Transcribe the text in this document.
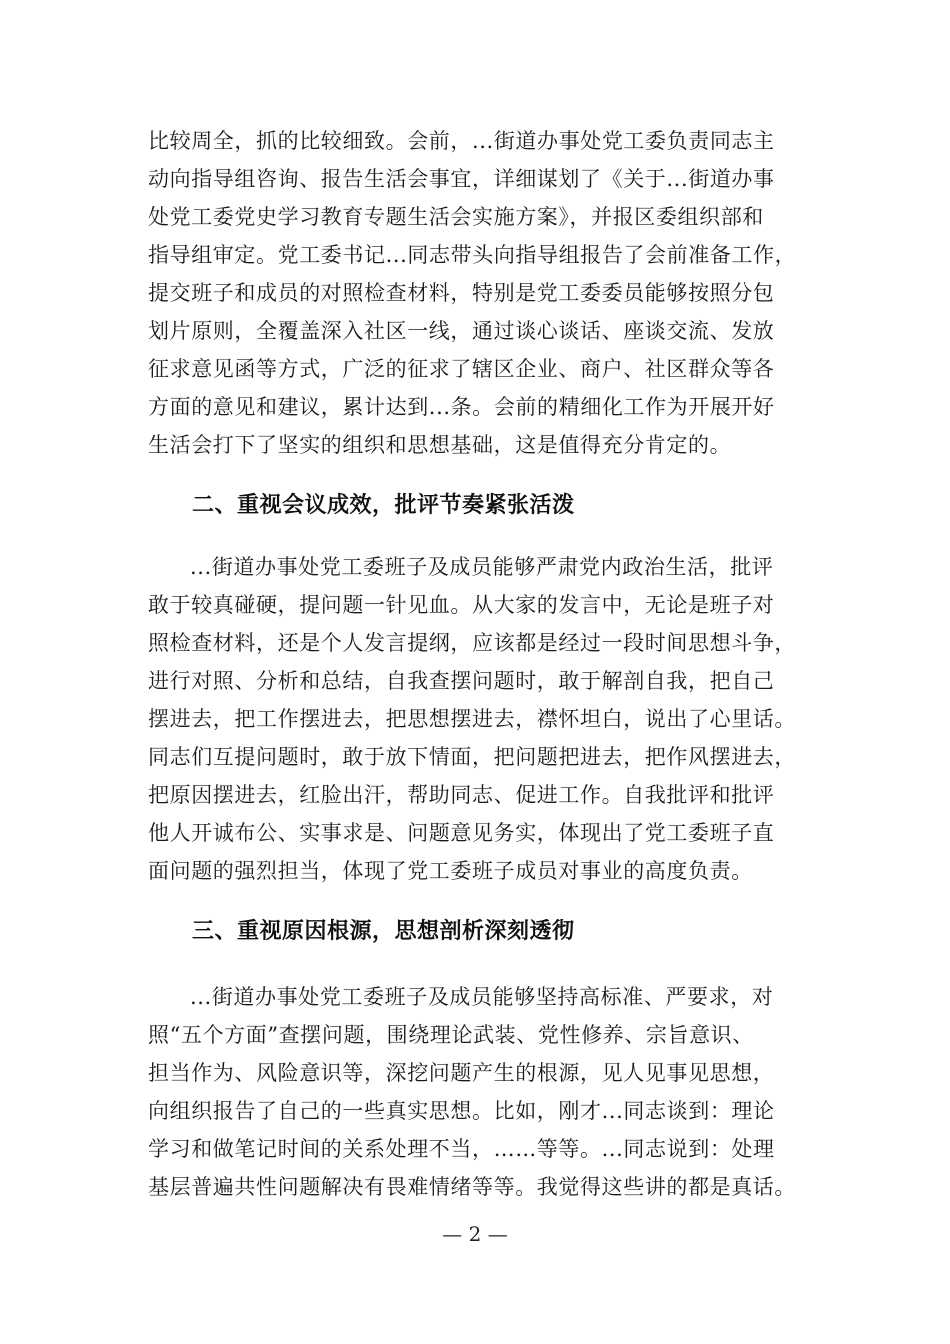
比较周全，抓的比较细致。会前，...街道办事处党工委负责同志主
动向指导组咨询、报告生活会事宜，详细谋划了《关于...街道办事
处党工委党史学习教育专题生活会实施方案》，并报区委组织部和
指导组审定。党工委书记...同志带头向指导组报告了会前准备工作，
提交班子和成员的对照检查材料，特别是党工委委员能够按照分包
划片原则，全覆盖深入社区一线，通过谈心谈话、座谈交流、发放
征求意见函等方式，广泛的征求了辖区企业、商户、社区群众等各
方面的意见和建议，累计达到...条。会前的精细化工作为开展开好
生活会打下了坚实的组织和思想基础，这是值得充分肯定的。
二、重视会议成效，批评节奏紧张活泼
...街道办事处党工委班子及成员能够严肃党内政治生活，批评
敢于较真碰硬，提问题一针见血。从大家的发言中，无论是班子对
照检查材料，还是个人发言提纲，应该都是经过一段时间思想斗争，
进行对照、分析和总结，自我查摆问题时，敢于解剖自我，把自己
摆进去，把工作摆进去，把思想摆进去，襟怀坦白，说出了心里话。
同志们互提问题时，敢于放下情面，把问题把进去，把作风摆进去，
把原因摆进去，红脸出汗，帮助同志、促进工作。自我批评和批评
他人开诚布公、实事求是、问题意见务实，体现出了党工委班子直
面问题的强烈担当，体现了党工委班子成员对事业的高度负责。
三、重视原因根源，思想剖析深刻透彻
...街道办事处党工委班子及成员能够坚持高标准、严要求，对
照“五个方面”查摆问题，围绕理论武装、党性修养、宗旨意识、
担当作为、风险意识等，深挖问题产生的根源，见人见事见思想，
向组织报告了自己的一些真实思想。比如，刚才...同志谈到：理论
学习和做笔记时间的关系处理不当，……等等。...同志说到：处理
基层普遍共性问题解决有畏难情绪等等。我觉得这些讲的都是真话。
— 2 —
